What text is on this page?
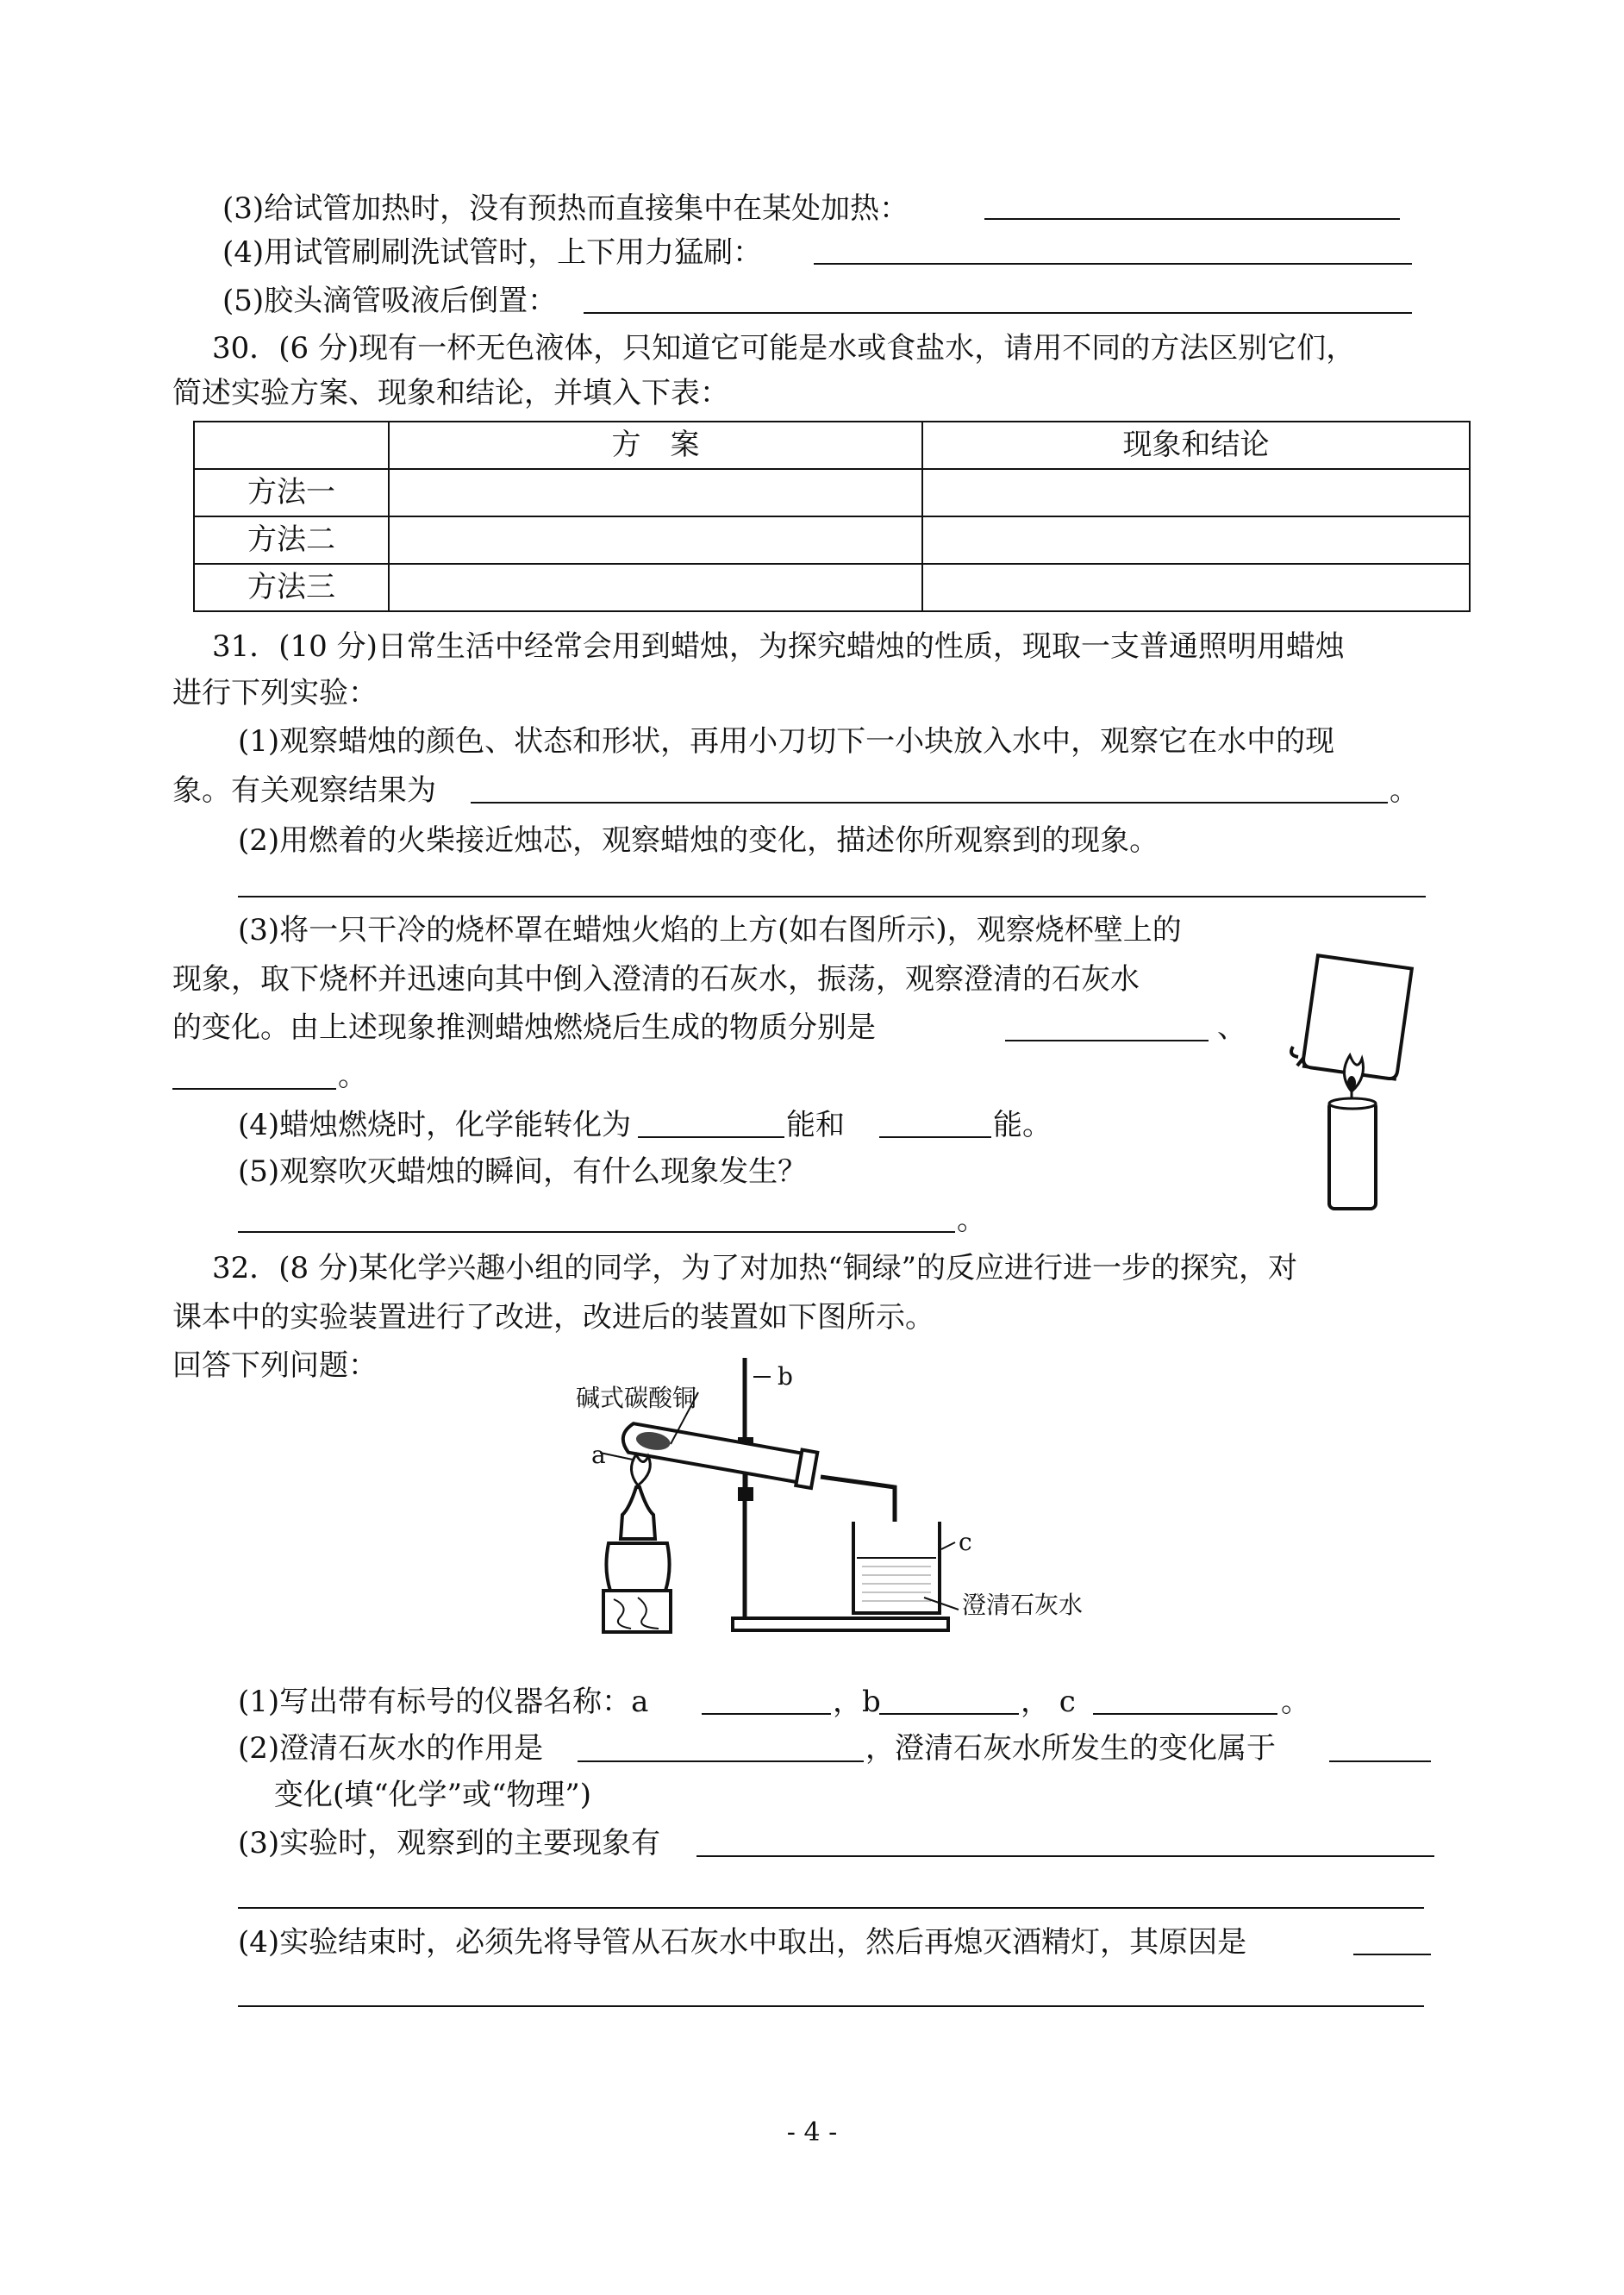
(3)给试管加热时，没有预热而直接集中在某处加热：
(4)用试管刷刷洗试管时，上下用力猛刷：
(5)胶头滴管吸液后倒置：
30．(6 分)现有一杯无色液体，只知道它可能是水或食盐水，请用不同的方法区别它们，
简述实验方案、现象和结论，并填入下表：
	方　案	现象和结论
方法一		
方法二		
方法三		
31．(10 分)日常生活中经常会用到蜡烛，为探究蜡烛的性质，现取一支普通照明用蜡烛
进行下列实验：
(1)观察蜡烛的颜色、状态和形状，再用小刀切下一小块放入水中，观察它在水中的现
象。有关观察结果为	。
(2)用燃着的火柴接近烛芯，观察蜡烛的变化，描述你所观察到的现象。
(3)将一只干冷的烧杯罩在蜡烛火焰的上方(如右图所示)，观察烧杯壁上的
现象，取下烧杯并迅速向其中倒入澄清的石灰水，振荡，观察澄清的石灰水
的变化。由上述现象推测蜡烛燃烧后生成的物质分别是	、
。
(4)蜡烛燃烧时，化学能转化为	能和	能。
(5)观察吹灭蜡烛的瞬间，有什么现象发生？
。
32．(8 分)某化学兴趣小组的同学，为了对加热“铜绿”的反应进行进一步的探究，对
课本中的实验装置进行了改进，改进后的装置如下图所示。
回答下列问题：
碱式碳酸铜
b
a
c
澄清石灰水
(1)写出带有标号的仪器名称：a	，b	， c	。
(2)澄清石灰水的作用是	，澄清石灰水所发生的变化属于
变化(填“化学”或“物理”)
(3)实验时，观察到的主要现象有
(4)实验结束时，必须先将导管从石灰水中取出，然后再熄灭酒精灯，其原因是
- 4 -
